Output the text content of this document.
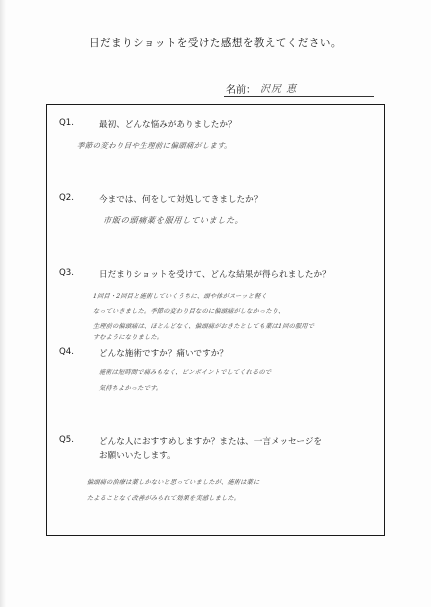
日だまりショットを受けた感想を教えてください。
名前： 沢尻 恵
Q1.	最初、どんな悩みがありましたか？
季節の変わり目や生理前に偏頭痛がします。
Q2.	今までは、何をして対処してきましたか？
市販の頭痛薬を服用していました。
Q3.	日だまりショットを受けて、どんな結果が得られましたか？
1回目・2回目と施術していくうちに、頭や体がスーッと軽く
なっていきました。季節の変わり目なのに偏頭痛がしなかったり、
生理前の偏頭痛は、ほとんどなく、偏頭痛がおきたとしても薬は1回の服用で
すむようになりました。
Q4.	どんな施術ですか？痛いですか？
施術は短時間で痛みもなく、ピンポイントでしてくれるので
気持ちよかったです。
Q5.	どんな人におすすめしますか？または、一言メッセージを
お願いいたします。
偏頭痛の治療は薬しかないと思っていましたが、施術は薬に
たよることなく改善がみられて効果を実感しました。
